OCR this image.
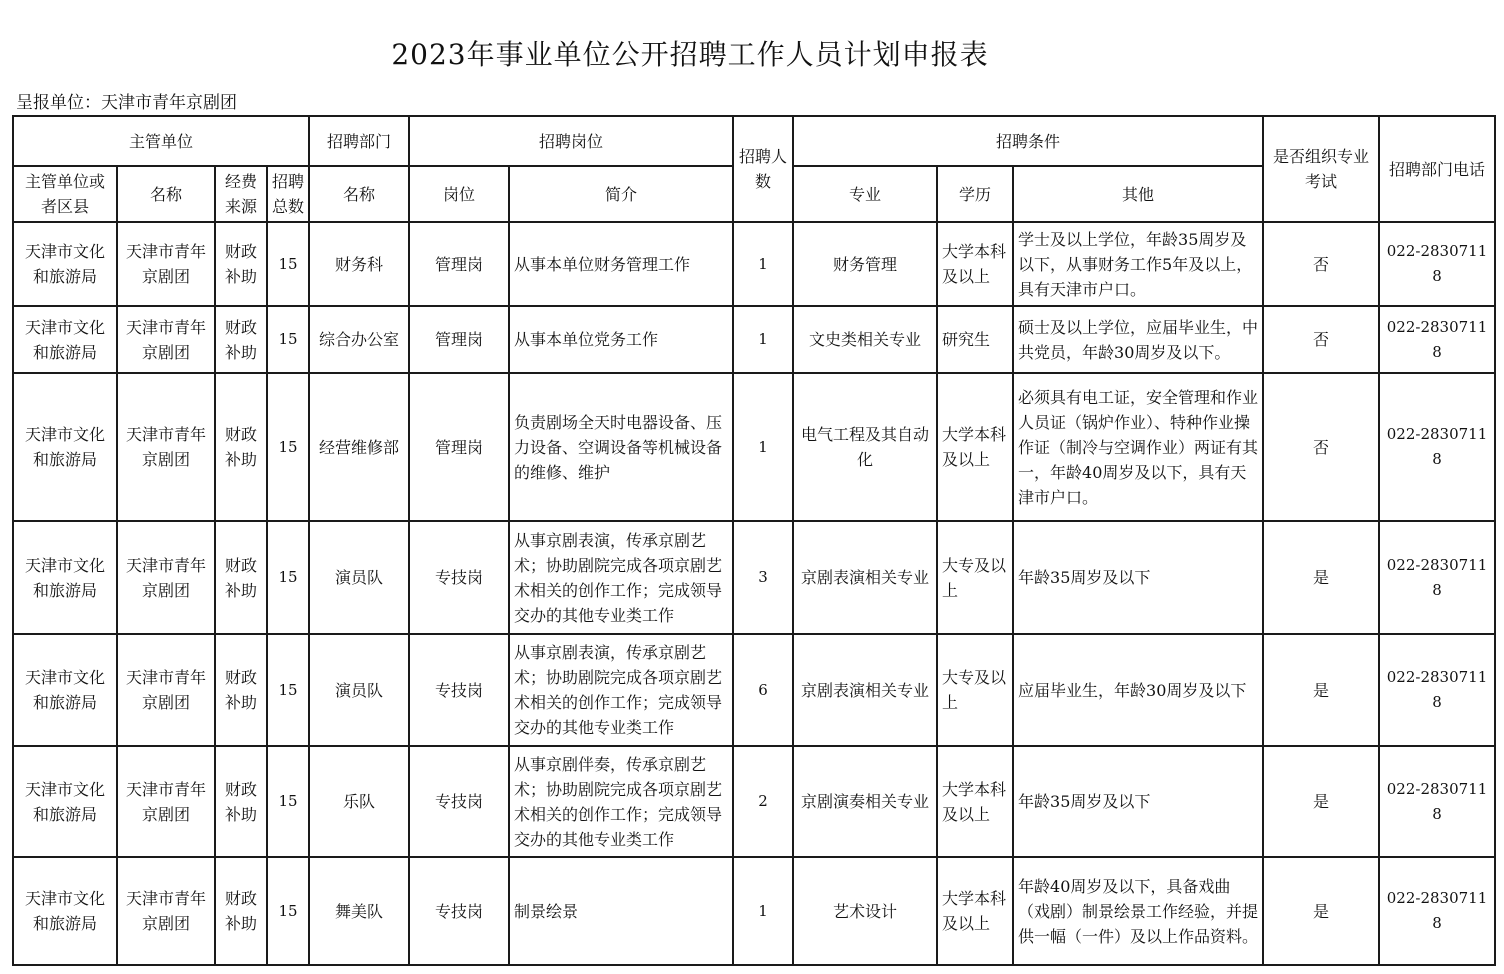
2023年事业单位公开招聘工作人员计划申报表
呈报单位：天津市青年京剧团
主管单位				招聘部门	招聘岗位		招聘人数	招聘条件			是否组织专业考试	招聘部门电话
主管单位或者区县	名称	经费来源	招聘总数	名称	岗位	简介		专业	学历	其他		
天津市文化和旅游局	天津市青年京剧团	财政补助	15	财务科	管理岗	从事本单位财务管理工作	1	财务管理	大学本科及以上	学士及以上学位，年龄35周岁及以下，从事财务工作5年及以上，具有天津市户口。	否	022-28307118
天津市文化和旅游局	天津市青年京剧团	财政补助	15	综合办公室	管理岗	从事本单位党务工作	1	文史类相关专业	研究生	硕士及以上学位，应届毕业生，中共党员，年龄30周岁及以下。	否	022-28307118
天津市文化和旅游局	天津市青年京剧团	财政补助	15	经营维修部	管理岗	负责剧场全天时电器设备、压力设备、空调设备等机械设备的维修、维护	1	电气工程及其自动化	大学本科及以上	必须具有电工证，安全管理和作业人员证（锅炉作业）、特种作业操作证（制冷与空调作业）两证有其一，年龄40周岁及以下，具有天津市户口。	否	022-28307118
天津市文化和旅游局	天津市青年京剧团	财政补助	15	演员队	专技岗	从事京剧表演，传承京剧艺术；协助剧院完成各项京剧艺术相关的创作工作；完成领导交办的其他专业类工作	3	京剧表演相关专业	大专及以上	年龄35周岁及以下	是	022-28307118
天津市文化和旅游局	天津市青年京剧团	财政补助	15	演员队	专技岗	从事京剧表演，传承京剧艺术；协助剧院完成各项京剧艺术相关的创作工作；完成领导交办的其他专业类工作	6	京剧表演相关专业	大专及以上	应届毕业生，年龄30周岁及以下	是	022-28307118
天津市文化和旅游局	天津市青年京剧团	财政补助	15	乐队	专技岗	从事京剧伴奏，传承京剧艺术；协助剧院完成各项京剧艺术相关的创作工作；完成领导交办的其他专业类工作	2	京剧演奏相关专业	大学本科及以上	年龄35周岁及以下	是	022-28307118
天津市文化和旅游局	天津市青年京剧团	财政补助	15	舞美队	专技岗	制景绘景	1	艺术设计	大学本科及以上	年龄40周岁及以下，具备戏曲（戏剧）制景绘景工作经验，并提供一幅（一件）及以上作品资料。	是	022-28307118
